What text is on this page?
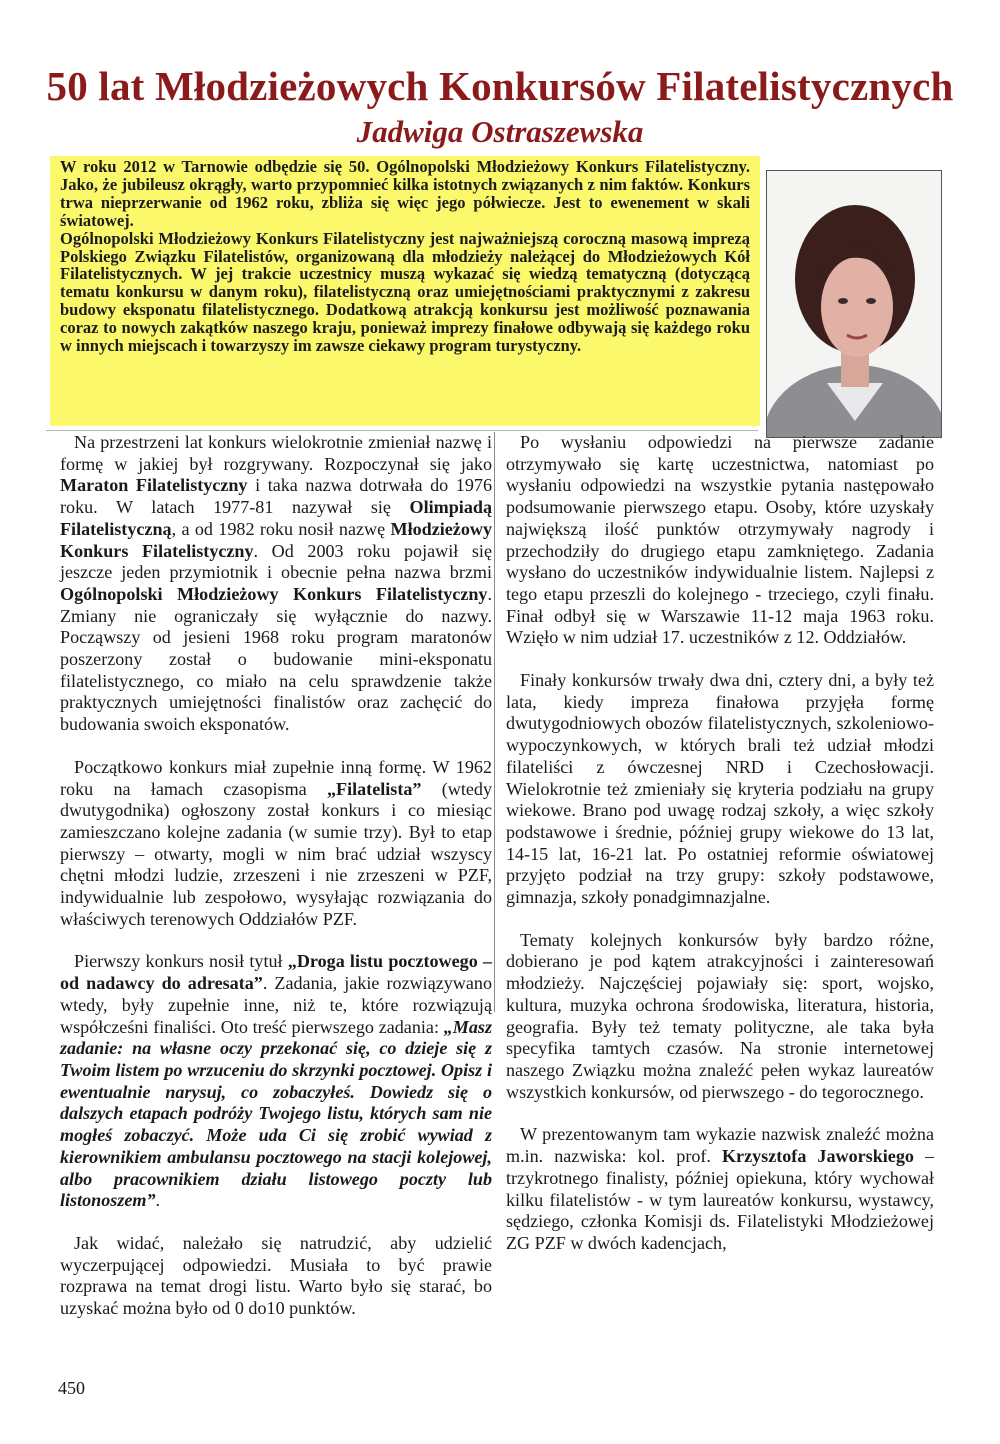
50 lat Młodzieżowych Konkursów Filatelistycznych
Jadwiga Ostraszewska

W roku 2012 w Tarnowie odbędzie się 50. Ogólnopolski Młodzieżowy Konkurs Filatelistyczny. Jako, że jubileusz okrągły, warto przypomnieć kilka istotnych związanych z nim faktów. Konkurs trwa nieprzerwanie od 1962 roku, zbliża się więc jego półwiecze. Jest to ewenement w skali światowej.

Ogólnopolski Młodzieżowy Konkurs Filatelistyczny jest najważniejszą coroczną masową imprezą Polskiego Związku Filatelistów, organizowaną dla młodzieży należącej do Młodzieżowych Kół Filatelistycznych. W jej trakcie uczestnicy muszą wykazać się wiedzą tematyczną (dotyczącą tematu konkursu w danym roku), filatelistyczną oraz umiejętnościami praktycznymi z zakresu budowy eksponatu filatelistycznego. Dodatkową atrakcją konkursu jest możliwość poznawania coraz to nowych zakątków naszego kraju, ponieważ imprezy finałowe odbywają się każdego roku w innych miejscach i towarzyszy im zawsze ciekawy program turystyczny.

Na przestrzeni lat konkurs wielokrotnie zmieniał nazwę i formę w jakiej był rozgrywany. Rozpoczynał się jako Maraton Filatelistyczny i taka nazwa dotrwała do 1976 roku. W latach 1977-81 nazywał się Olimpiadą Filatelistyczną, a od 1982 roku nosił nazwę Młodzieżowy Konkurs Filatelistyczny. Od 2003 roku pojawił się jeszcze jeden przymiotnik i obecnie pełna nazwa brzmi Ogólnopolski Młodzieżowy Konkurs Filatelistyczny. Zmiany nie ograniczały się wyłącznie do nazwy. Począwszy od jesieni 1968 roku program maratonów poszerzony został o budowanie mini-eksponatu filatelistycznego, co miało na celu sprawdzenie także praktycznych umiejętności finalistów oraz zachęcić do budowania swoich eksponatów.

Początkowo konkurs miał zupełnie inną formę. W 1962 roku na łamach czasopisma „Filatelista” (wtedy dwutygodnika) ogłoszony został konkurs i co miesiąc zamieszczano kolejne zadania (w sumie trzy). Był to etap pierwszy – otwarty, mogli w nim brać udział wszyscy chętni młodzi ludzie, zrzeszeni i nie zrzeszeni w PZF, indywidualnie lub zespołowo, wysyłając rozwiązania do właściwych terenowych Oddziałów PZF.

Pierwszy konkurs nosił tytuł „Droga listu pocztowego – od nadawcy do adresata”. Zadania, jakie rozwiązywano wtedy, były zupełnie inne, niż te, które rozwiązują współcześni finaliści. Oto treść pierwszego zadania: „Masz zadanie: na własne oczy przekonać się, co dzieje się z Twoim listem po wrzuceniu do skrzynki pocztowej. Opisz i ewentualnie narysuj, co zobaczyłeś. Dowiedz się o dalszych etapach podróży Twojego listu, których sam nie mogłeś zobaczyć. Może uda Ci się zrobić wywiad z kierownikiem ambulansu pocztowego na stacji kolejowej, albo pracownikiem działu listowego poczty lub listonoszem”.

Jak widać, należało się natrudzić, aby udzielić wyczerpującej odpowiedzi. Musiała to być prawie rozprawa na temat drogi listu. Warto było się starać, bo uzyskać można było od 0 do10 punktów.

Po wysłaniu odpowiedzi na pierwsze zadanie otrzymywało się kartę uczestnictwa, natomiast po wysłaniu odpowiedzi na wszystkie pytania następowało podsumowanie pierwszego etapu. Osoby, które uzyskały największą ilość punktów otrzymywały nagrody i przechodziły do drugiego etapu zamkniętego. Zadania wysłano do uczestników indywidualnie listem. Najlepsi z tego etapu przeszli do kolejnego - trzeciego, czyli finału. Finał odbył się w Warszawie 11-12 maja 1963 roku. Wzięło w nim udział 17. uczestników z 12. Oddziałów.

Finały konkursów trwały dwa dni, cztery dni, a były też lata, kiedy impreza finałowa przyjęła formę dwutygodniowych obozów filatelistycznych, szkoleniowo-wypoczynkowych, w których brali też udział młodzi filateliści z ówczesnej NRD i Czechosłowacji. Wielokrotnie też zmieniały się kryteria podziału na grupy wiekowe. Brano pod uwagę rodzaj szkoły, a więc szkoły podstawowe i średnie, później grupy wiekowe do 13 lat, 14-15 lat, 16-21 lat. Po ostatniej reformie oświatowej przyjęto podział na trzy grupy: szkoły podstawowe, gimnazja, szkoły ponadgimnazjalne.

Tematy kolejnych konkursów były bardzo różne, dobierano je pod kątem atrakcyjności i zainteresowań młodzieży. Najczęściej pojawiały się: sport, wojsko, kultura, muzyka ochrona środowiska, literatura, historia, geografia. Były też tematy polityczne, ale taka była specyfika tamtych czasów. Na stronie internetowej naszego Związku można znaleźć pełen wykaz laureatów wszystkich konkursów, od pierwszego - do tegorocznego.

W prezentowanym tam wykazie nazwisk znaleźć można m.in. nazwiska: kol. prof. Krzysztofa Jaworskiego – trzykrotnego finalisty, później opiekuna, który wychował kilku filatelistów - w tym laureatów konkursu, wystawcy, sędziego, członka Komisji ds. Filatelistyki Młodzieżowej ZG PZF w dwóch kadencjach,

450
